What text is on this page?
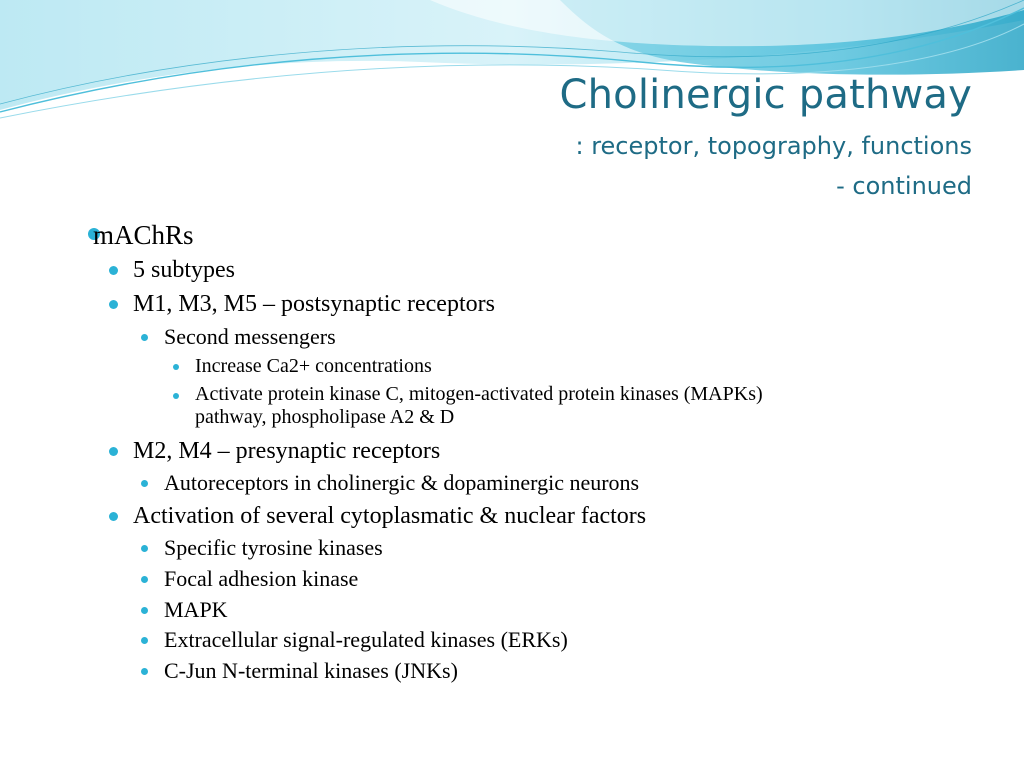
Cholinergic pathway
: receptor, topography, functions
- continued
mAChRs
5 subtypes
M1, M3, M5 – postsynaptic receptors
Second messengers
Increase Ca2+ concentrations
Activate protein kinase C, mitogen-activated protein kinases (MAPKs)
pathway, phospholipase A2 & D
M2, M4 – presynaptic receptors
Autoreceptors in cholinergic & dopaminergic neurons
Activation of several cytoplasmatic & nuclear factors
Specific tyrosine kinases
Focal adhesion kinase
MAPK
Extracellular signal-regulated kinases (ERKs)
C-Jun N-terminal kinases (JNKs)
